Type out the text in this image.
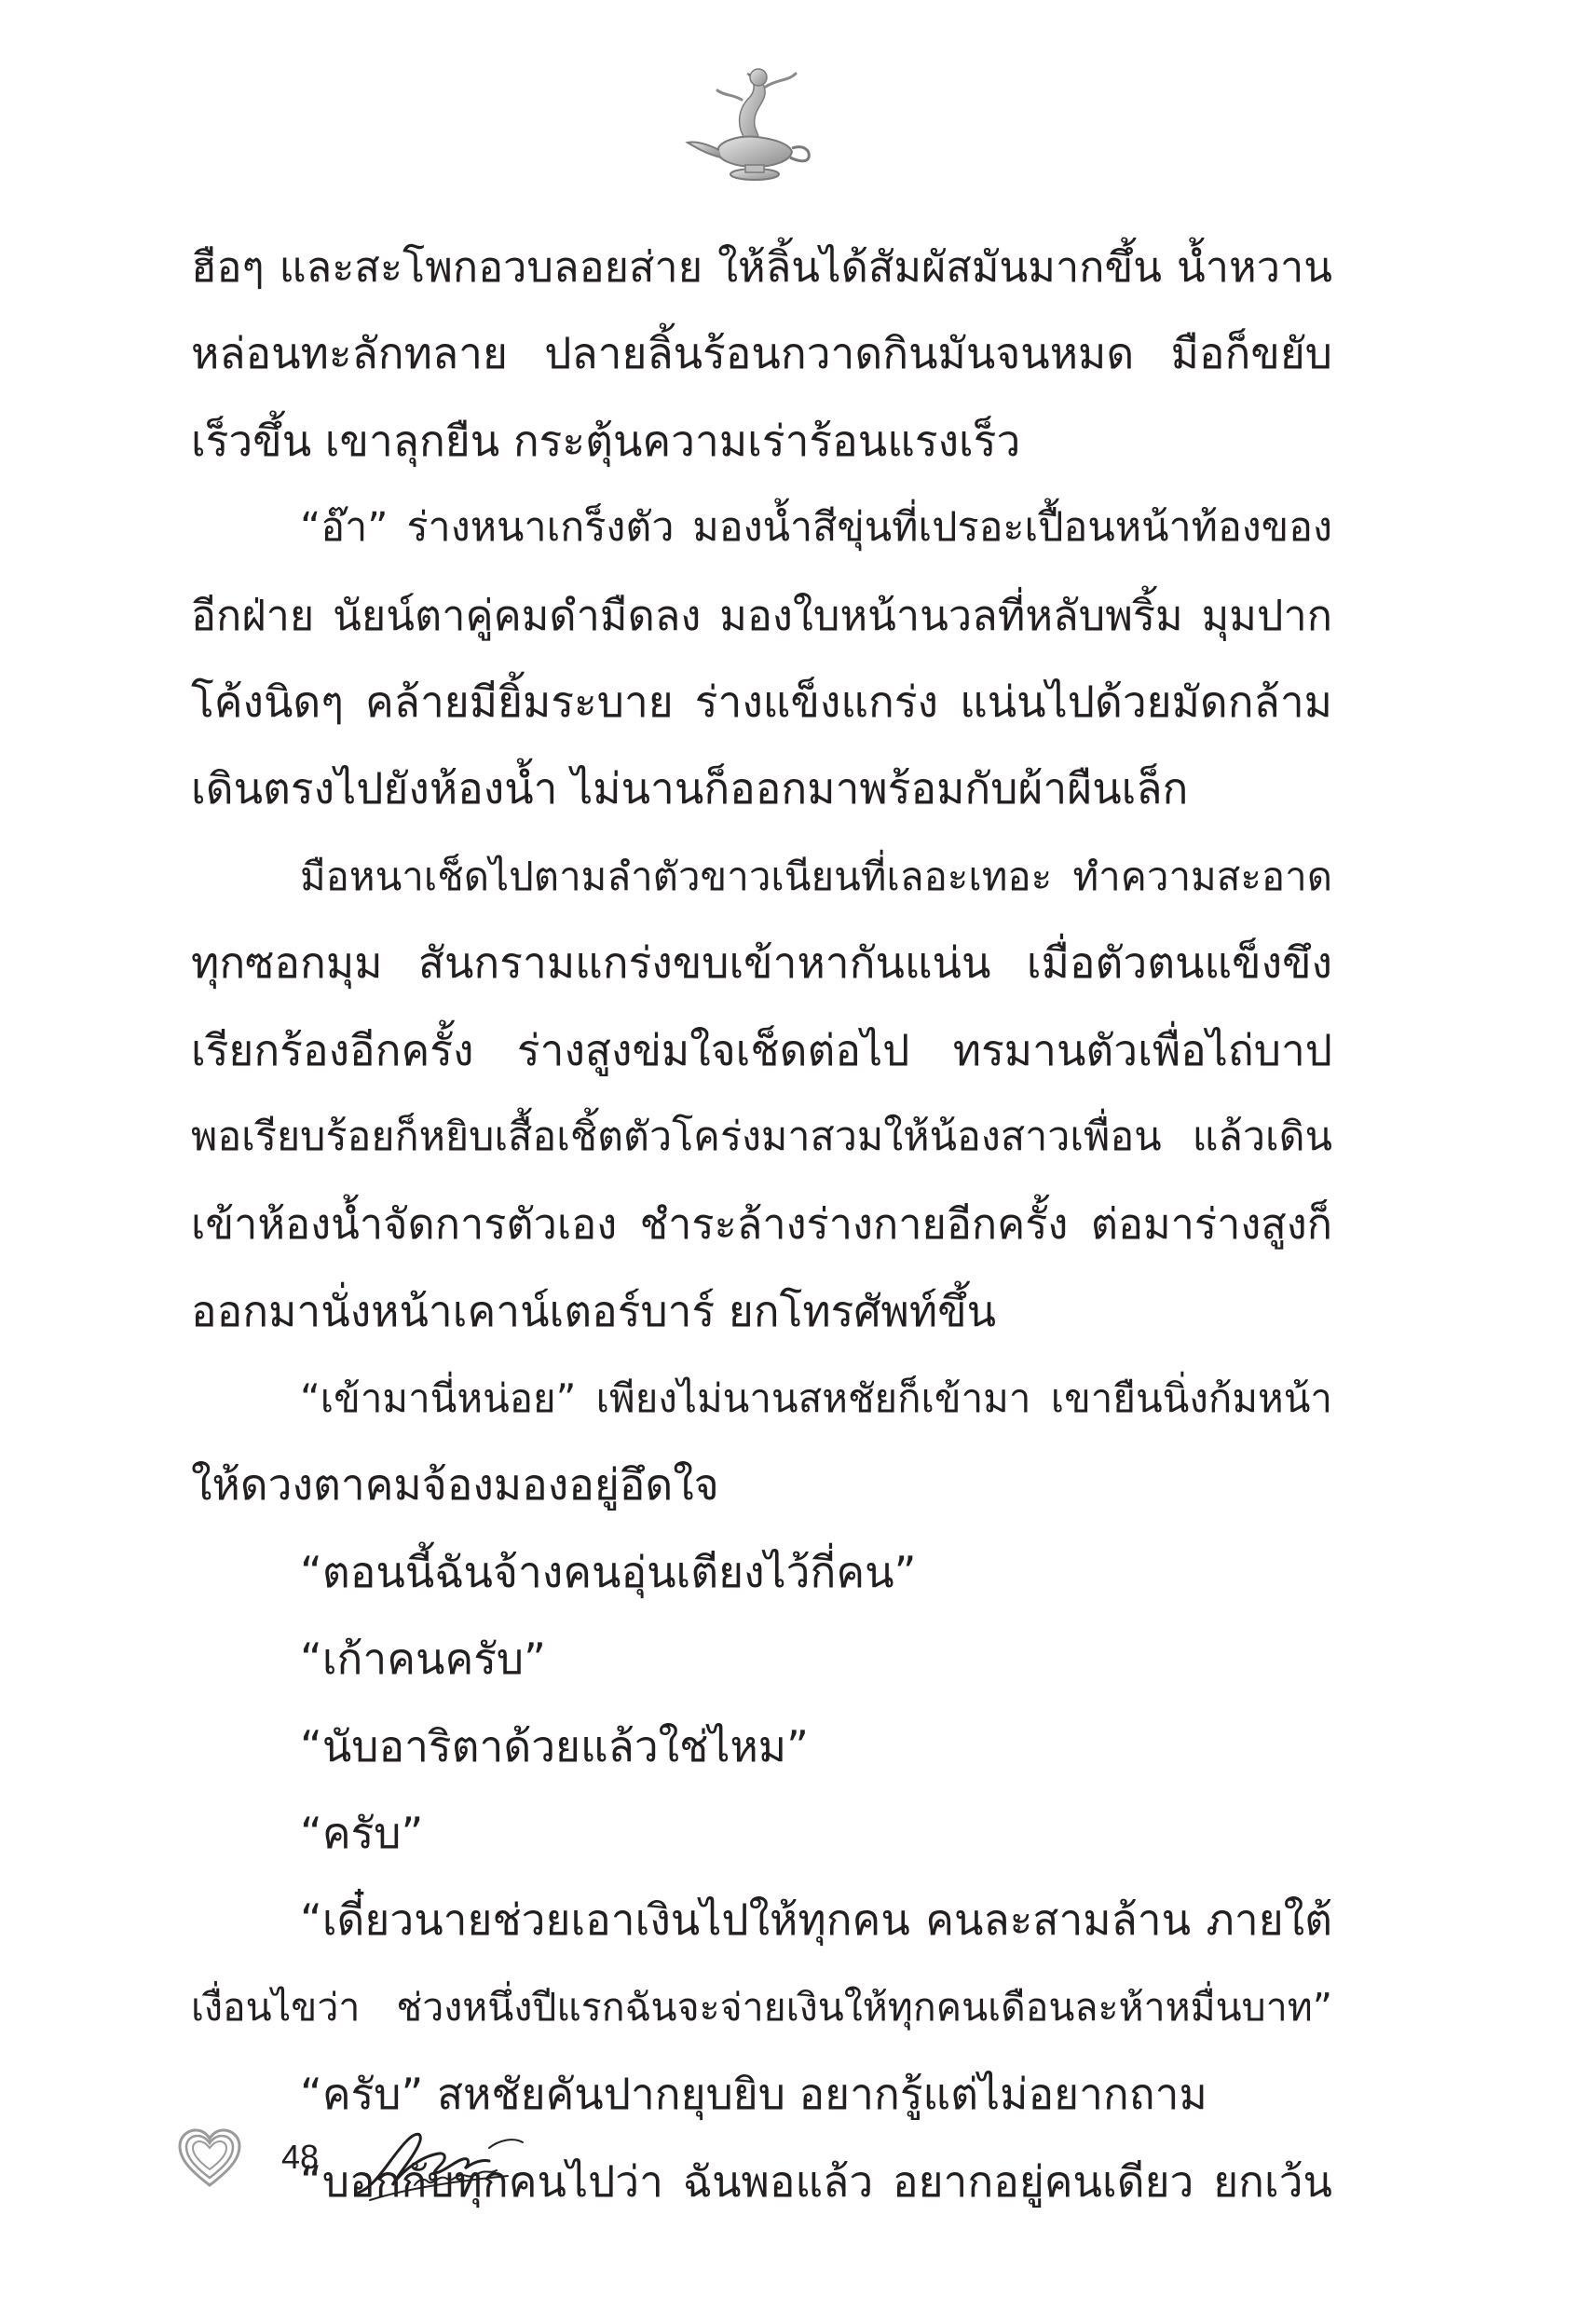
ฮือๆ และสะโพกอวบลอยส่าย ให้ลิ้นได้สัมผัสมันมากขึ้น น้ำหวาน
หล่อนทะลักทลาย ปลายลิ้นร้อนกวาดกินมันจนหมด มือก็ขยับ
เร็วขึ้น เขาลุกยืน กระตุ้นความเร่าร้อนแรงเร็ว
“อ๊า” ร่างหนาเกร็งตัว มองน้ำสีขุ่นที่เปรอะเปื้อนหน้าท้องของ
อีกฝ่าย นัยน์ตาคู่คมดำมืดลง มองใบหน้านวลที่หลับพริ้ม มุมปาก
โค้งนิดๆ คล้ายมียิ้มระบาย ร่างแข็งแกร่ง แน่นไปด้วยมัดกล้าม
เดินตรงไปยังห้องน้ำ ไม่นานก็ออกมาพร้อมกับผ้าผืนเล็ก
มือหนาเช็ดไปตามลำตัวขาวเนียนที่เลอะเทอะ ทำความสะอาด
ทุกซอกมุม สันกรามแกร่งขบเข้าหากันแน่น เมื่อตัวตนแข็งขึง
เรียกร้องอีกครั้ง ร่างสูงข่มใจเช็ดต่อไป ทรมานตัวเพื่อไถ่บาป
พอเรียบร้อยก็หยิบเสื้อเชิ้ตตัวโคร่งมาสวมให้น้องสาวเพื่อน แล้วเดิน
เข้าห้องน้ำจัดการตัวเอง ชำระล้างร่างกายอีกครั้ง ต่อมาร่างสูงก็
ออกมานั่งหน้าเคาน์เตอร์บาร์ ยกโทรศัพท์ขึ้น
“เข้ามานี่หน่อย” เพียงไม่นานสหชัยก็เข้ามา เขายืนนิ่งก้มหน้า
ให้ดวงตาคมจ้องมองอยู่อึดใจ
“ตอนนี้ฉันจ้างคนอุ่นเตียงไว้กี่คน”
“เก้าคนครับ”
“นับอาริตาด้วยแล้วใช่ไหม”
“ครับ”
“เดี๋ยวนายช่วยเอาเงินไปให้ทุกคน คนละสามล้าน ภายใต้
เงื่อนไขว่า ช่วงหนึ่งปีแรกฉันจะจ่ายเงินให้ทุกคนเดือนละห้าหมื่นบาท”
“ครับ” สหชัยคันปากยุบยิบ อยากรู้แต่ไม่อยากถาม
“บอกกับทุกคนไปว่า ฉันพอแล้ว อยากอยู่คนเดียว ยกเว้น
48
